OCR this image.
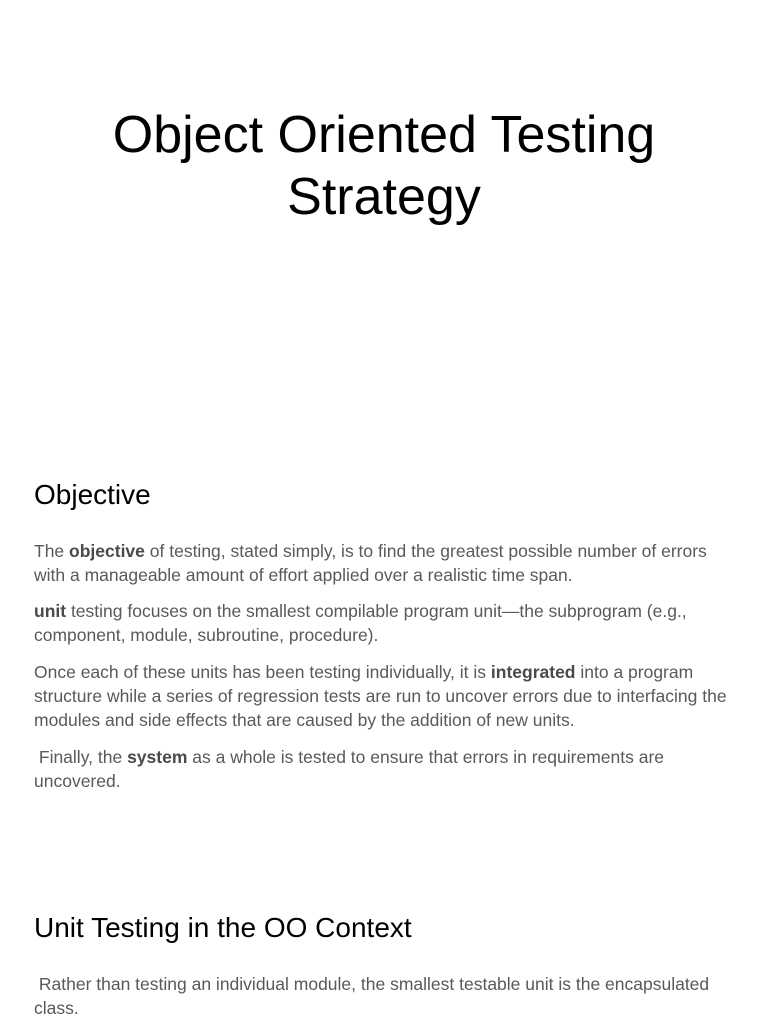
Object Oriented Testing
Strategy
Objective

The objective of testing, stated simply, is to find the greatest possible number of errors with a manageable amount of effort applied over a realistic time span.

unit testing focuses on the smallest compilable program unit—the subprogram (e.g., component, module, subroutine, procedure).

Once each of these units has been testing individually, it is integrated into a program structure while a series of regression tests are run to uncover errors due to interfacing the modules and side effects that are caused by the addition of new units.

Finally, the system as a whole is tested to ensure that errors in requirements are uncovered.

Unit Testing in the OO Context

Rather than testing an individual module, the smallest testable unit is the encapsulated class.
